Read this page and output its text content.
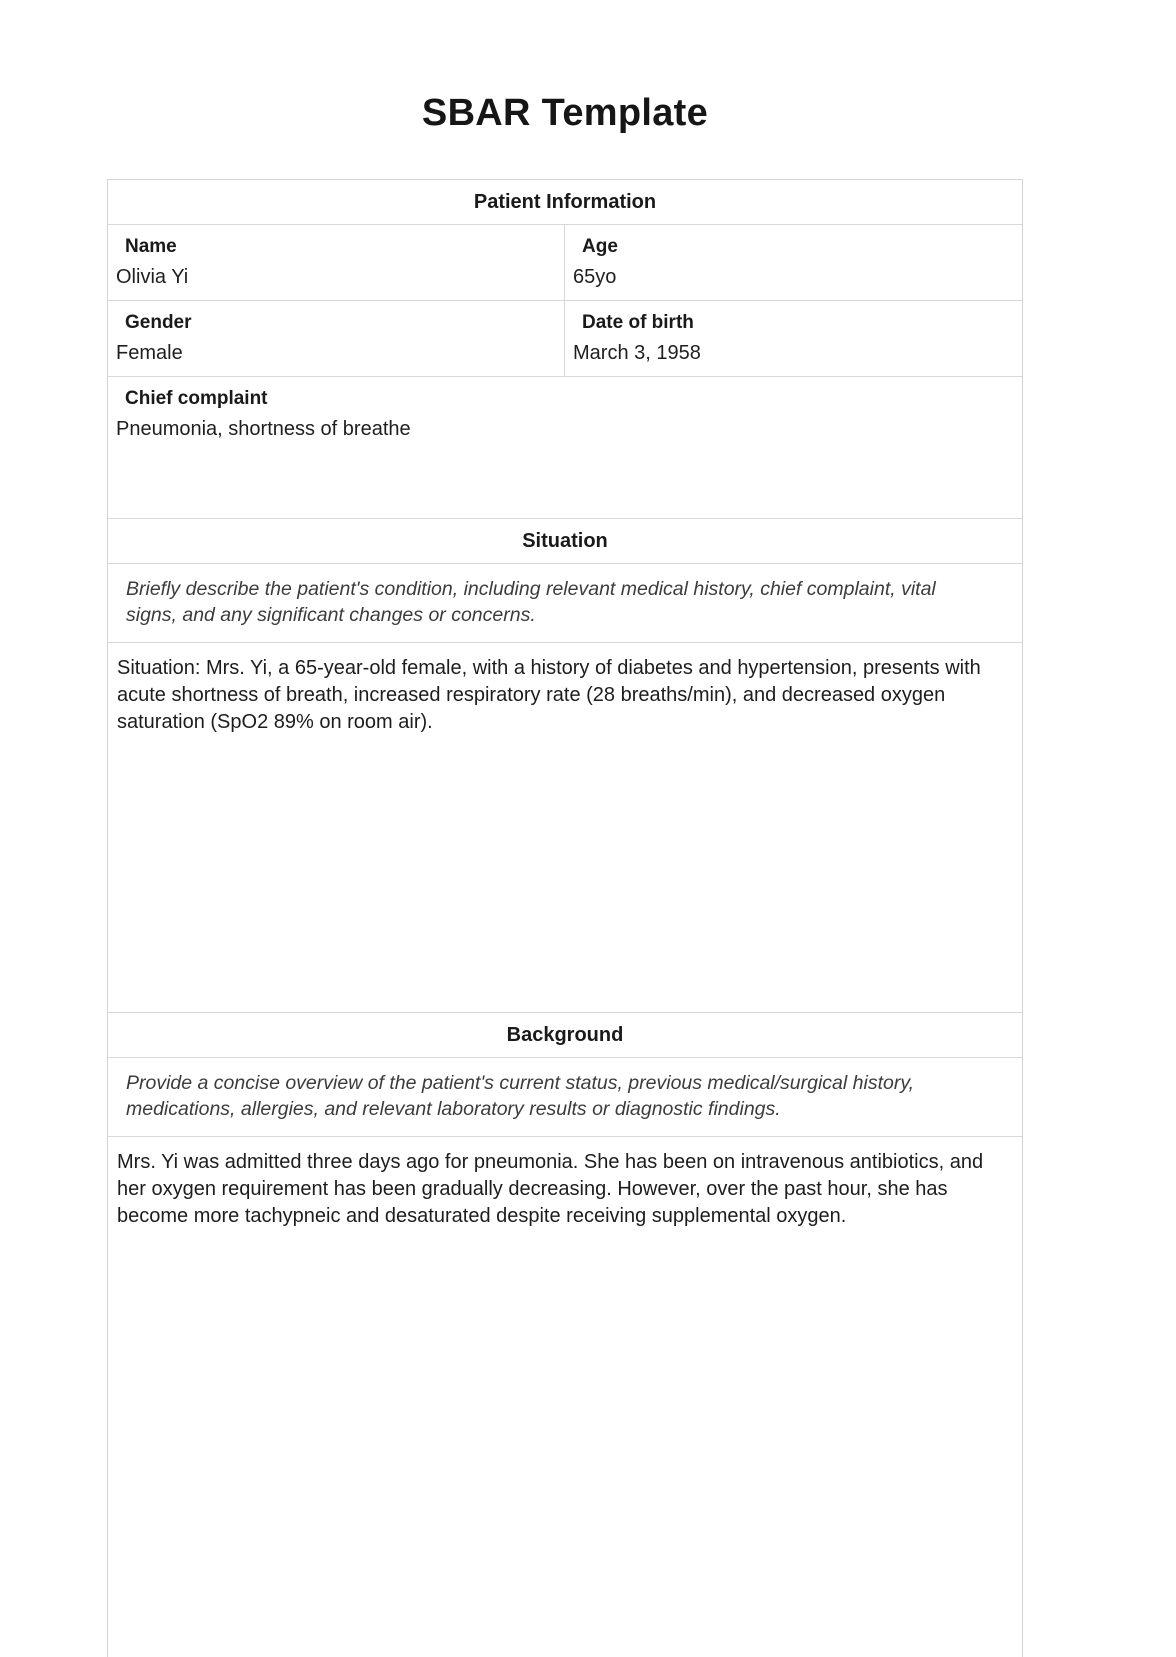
SBAR Template
Patient Information
Name
Olivia Yi
Age
65yo
Gender
Female
Date of birth
March 3, 1958
Chief complaint
Pneumonia, shortness of breathe
Situation

Briefly describe the patient's condition, including relevant medical history, chief complaint, vital signs, and any significant changes or concerns.

Situation: Mrs. Yi, a 65-year-old female, with a history of diabetes and hypertension, presents with acute shortness of breath, increased respiratory rate (28 breaths/min), and decreased oxygen saturation (SpO2 89% on room air).

Background

Provide a concise overview of the patient's current status, previous medical/surgical history, medications, allergies, and relevant laboratory results or diagnostic findings.

Mrs. Yi was admitted three days ago for pneumonia. She has been on intravenous antibiotics, and her oxygen requirement has been gradually decreasing. However, over the past hour, she has become more tachypneic and desaturated despite receiving supplemental oxygen.
